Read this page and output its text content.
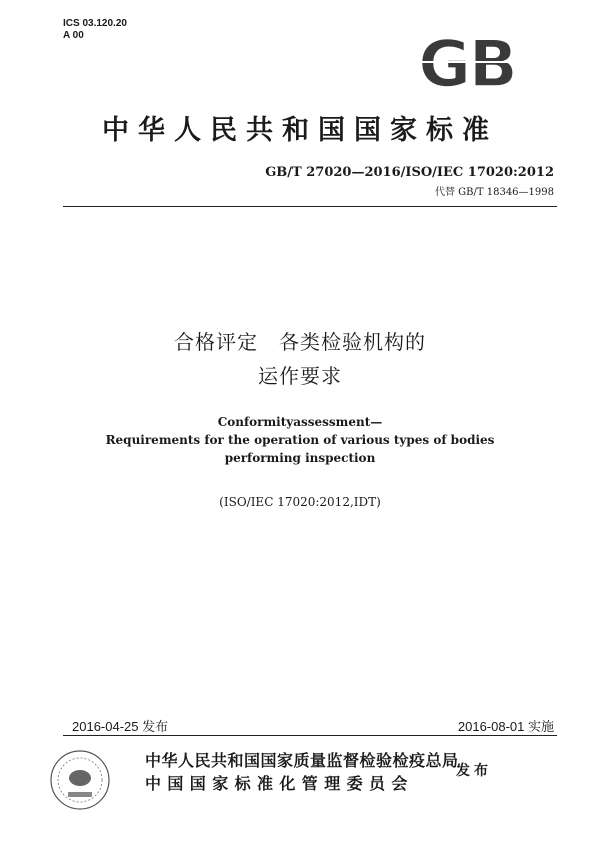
ICS 03.120.20
A 00	GB
中华人民共和国国家标准
GB/T 27020—2016/ISO/IEC 17020:2012
代替 GB/T 18346—1998
合格评定　各类检验机构的
运作要求
Conformityassessment—
Requirements for the operation of various types of bodies
performing inspection
(ISO/IEC 17020:2012,IDT)
2016-04-25 发布	2016-08-01 实施
中华人民共和国国家质量监督检验检疫总局
中国国家标准化管理委员会
发布
